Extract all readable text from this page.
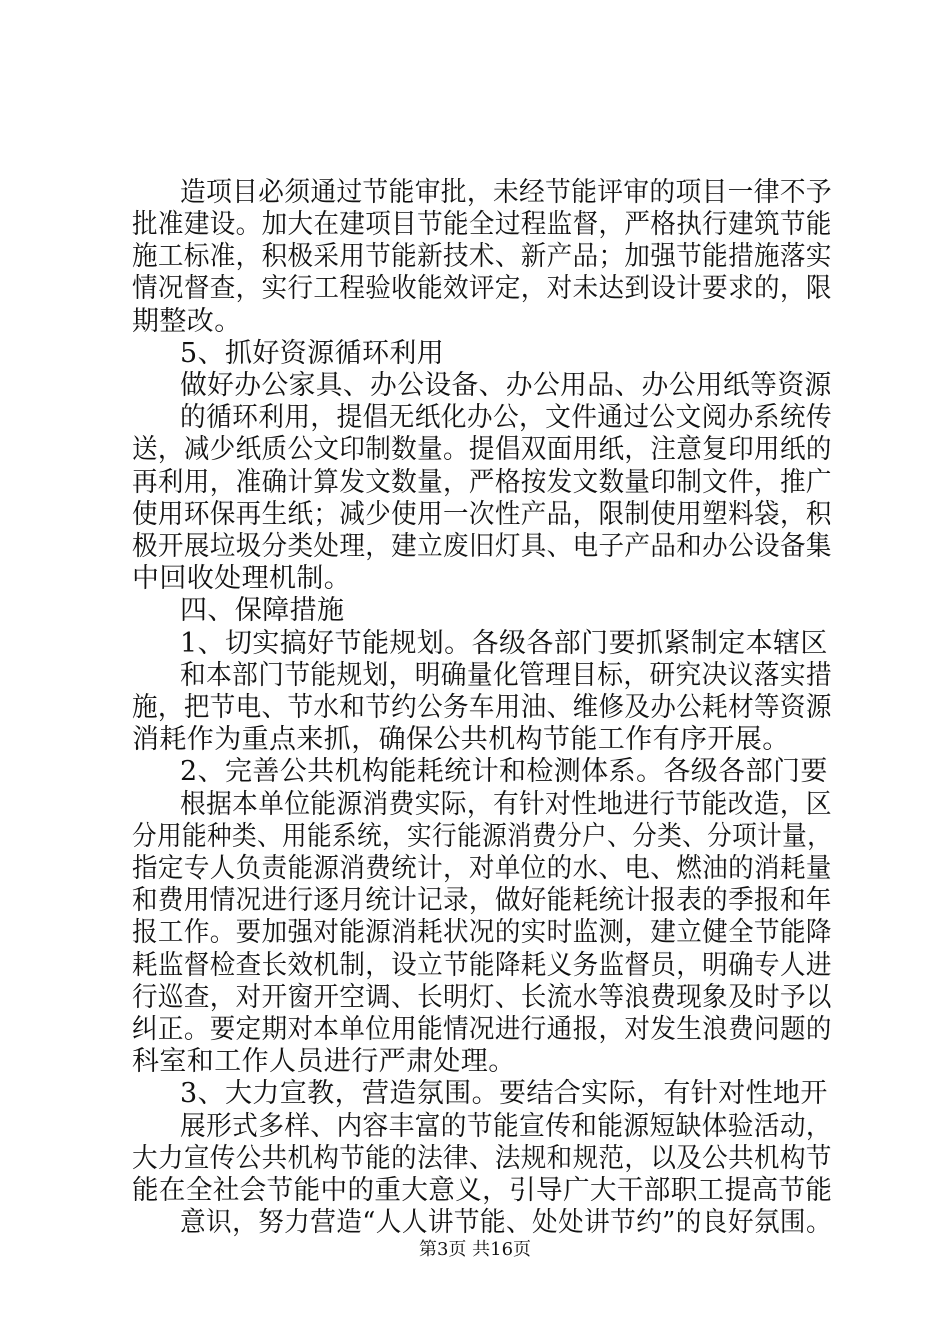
造项目必须通过节能审批，未经节能评审的项目一律不予
批准建设。加大在建项目节能全过程监督，严格执行建筑节能
施工标准，积极采用节能新技术、新产品；加强节能措施落实
情况督查，实行工程验收能效评定，对未达到设计要求的，限
期整改。
5、抓好资源循环利用
做好办公家具、办公设备、办公用品、办公用纸等资源
的循环利用，提倡无纸化办公，文件通过公文阅办系统传
送，减少纸质公文印制数量。提倡双面用纸，注意复印用纸的
再利用，准确计算发文数量，严格按发文数量印制文件，推广
使用环保再生纸；减少使用一次性产品，限制使用塑料袋，积
极开展垃圾分类处理，建立废旧灯具、电子产品和办公设备集
中回收处理机制。
四、保障措施
1、切实搞好节能规划。各级各部门要抓紧制定本辖区
和本部门节能规划，明确量化管理目标，研究决议落实措
施，把节电、节水和节约公务车用油、维修及办公耗材等资源
消耗作为重点来抓，确保公共机构节能工作有序开展。
2、完善公共机构能耗统计和检测体系。各级各部门要
根据本单位能源消费实际，有针对性地进行节能改造，区
分用能种类、用能系统，实行能源消费分户、分类、分项计量，
指定专人负责能源消费统计，对单位的水、电、燃油的消耗量
和费用情况进行逐月统计记录，做好能耗统计报表的季报和年
报工作。要加强对能源消耗状况的实时监测，建立健全节能降
耗监督检查长效机制，设立节能降耗义务监督员，明确专人进
行巡查，对开窗开空调、长明灯、长流水等浪费现象及时予以
纠正。要定期对本单位用能情况进行通报，对发生浪费问题的
科室和工作人员进行严肃处理。
3、大力宣教，营造氛围。要结合实际，有针对性地开
展形式多样、内容丰富的节能宣传和能源短缺体验活动，
大力宣传公共机构节能的法律、法规和规范，以及公共机构节
能在全社会节能中的重大意义，引导广大干部职工提高节能
意识，努力营造“人人讲节能、处处讲节约”的良好氛围。
第3页 共16页
